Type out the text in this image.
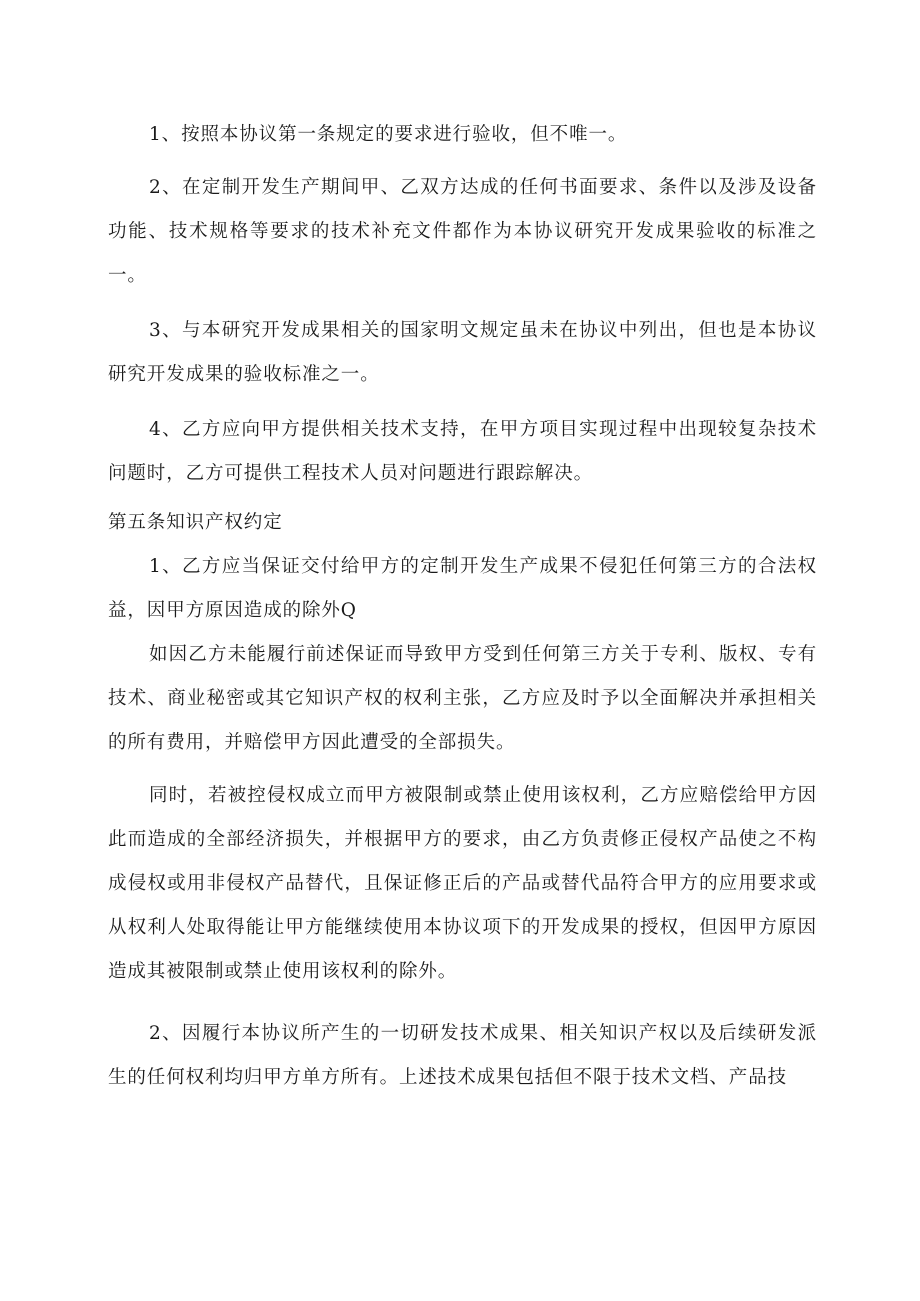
1、按照本协议第一条规定的要求进行验收，但不唯一。

2、在定制开发生产期间甲、乙双方达成的任何书面要求、条件以及涉及设备功能、技术规格等要求的技术补充文件都作为本协议研究开发成果验收的标准之一。

3、与本研究开发成果相关的国家明文规定虽未在协议中列出，但也是本协议研究开发成果的验收标准之一。

4、乙方应向甲方提供相关技术支持，在甲方项目实现过程中出现较复杂技术问题时，乙方可提供工程技术人员对问题进行跟踪解决。

第五条知识产权约定

1、乙方应当保证交付给甲方的定制开发生产成果不侵犯任何第三方的合法权益，因甲方原因造成的除外Q

如因乙方未能履行前述保证而导致甲方受到任何第三方关于专利、版权、专有技术、商业秘密或其它知识产权的权利主张，乙方应及时予以全面解决并承担相关的所有费用，并赔偿甲方因此遭受的全部损失。

同时，若被控侵权成立而甲方被限制或禁止使用该权利，乙方应赔偿给甲方因此而造成的全部经济损失，并根据甲方的要求，由乙方负责修正侵权产品使之不构成侵权或用非侵权产品替代，且保证修正后的产品或替代品符合甲方的应用要求或从权利人处取得能让甲方能继续使用本协议项下的开发成果的授权，但因甲方原因造成其被限制或禁止使用该权利的除外。

2、因履行本协议所产生的一切研发技术成果、相关知识产权以及后续研发派生的任何权利均归甲方单方所有。上述技术成果包括但不限于技术文档、产品技
